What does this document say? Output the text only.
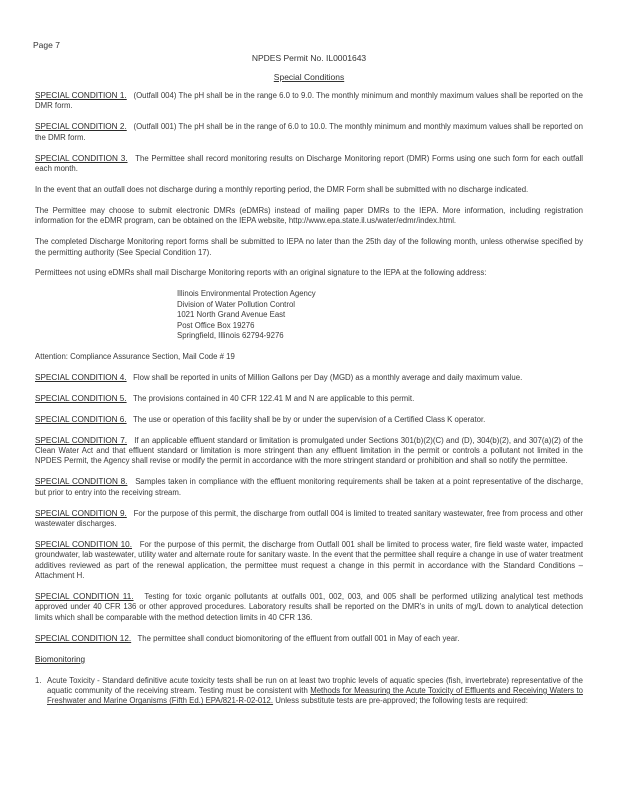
Page 7
NPDES Permit No. IL0001643
Special Conditions

SPECIAL CONDITION 1. (Outfall 004) The pH shall be in the range 6.0 to 9.0. The monthly minimum and monthly maximum values shall be reported on the DMR form.

SPECIAL CONDITION 2. (Outfall 001) The pH shall be in the range of 6.0 to 10.0. The monthly minimum and monthly maximum values shall be reported on the DMR form.

SPECIAL CONDITION 3. The Permittee shall record monitoring results on Discharge Monitoring report (DMR) Forms using one such form for each outfall each month.

In the event that an outfall does not discharge during a monthly reporting period, the DMR Form shall be submitted with no discharge indicated.

The Permittee may choose to submit electronic DMRs (eDMRs) instead of mailing paper DMRs to the IEPA. More information, including registration information for the eDMR program, can be obtained on the IEPA website, http://www.epa.state.il.us/water/edmr/index.html.

The completed Discharge Monitoring report forms shall be submitted to IEPA no later than the 25th day of the following month, unless otherwise specified by the permitting authority (See Special Condition 17).

Permittees not using eDMRs shall mail Discharge Monitoring reports with an original signature to the IEPA at the following address:

Illinois Environmental Protection Agency
Division of Water Pollution Control
1021 North Grand Avenue East
Post Office Box 19276
Springfield, Illinois 62794-9276

Attention: Compliance Assurance Section, Mail Code # 19

SPECIAL CONDITION 4. Flow shall be reported in units of Million Gallons per Day (MGD) as a monthly average and daily maximum value.

SPECIAL CONDITION 5. The provisions contained in 40 CFR 122.41 M and N are applicable to this permit.

SPECIAL CONDITION 6. The use or operation of this facility shall be by or under the supervision of a Certified Class K operator.

SPECIAL CONDITION 7. If an applicable effluent standard or limitation is promulgated under Sections 301(b)(2)(C) and (D), 304(b)(2), and 307(a)(2) of the Clean Water Act and that effluent standard or limitation is more stringent than any effluent limitation in the permit or controls a pollutant not limited in the NPDES Permit, the Agency shall revise or modify the permit in accordance with the more stringent standard or prohibition and shall so notify the permittee.

SPECIAL CONDITION 8. Samples taken in compliance with the effluent monitoring requirements shall be taken at a point representative of the discharge, but prior to entry into the receiving stream.

SPECIAL CONDITION 9. For the purpose of this permit, the discharge from outfall 004 is limited to treated sanitary wastewater, free from process and other wastewater discharges.

SPECIAL CONDITION 10. For the purpose of this permit, the discharge from Outfall 001 shall be limited to process water, fire field waste water, impacted groundwater, lab wastewater, utility water and alternate route for sanitary waste. In the event that the permittee shall require a change in use of water treatment additives reviewed as part of the renewal application, the permittee must request a change in this permit in accordance with the Standard Conditions – Attachment H.

SPECIAL CONDITION 11. Testing for toxic organic pollutants at outfalls 001, 002, 003, and 005 shall be performed utilizing analytical test methods approved under 40 CFR 136 or other approved procedures. Laboratory results shall be reported on the DMR's in units of mg/L down to analytical detection limits which shall be comparable with the method detection limits in 40 CFR 136.

SPECIAL CONDITION 12. The permittee shall conduct biomonitoring of the effluent from outfall 001 in May of each year.

Biomonitoring

1. Acute Toxicity - Standard definitive acute toxicity tests shall be run on at least two trophic levels of aquatic species (fish, invertebrate) representative of the aquatic community of the receiving stream. Testing must be consistent with Methods for Measuring the Acute Toxicity of Effluents and Receiving Waters to Freshwater and Marine Organisms (Fifth Ed.) EPA/821-R-02-012. Unless substitute tests are pre-approved; the following tests are required:
